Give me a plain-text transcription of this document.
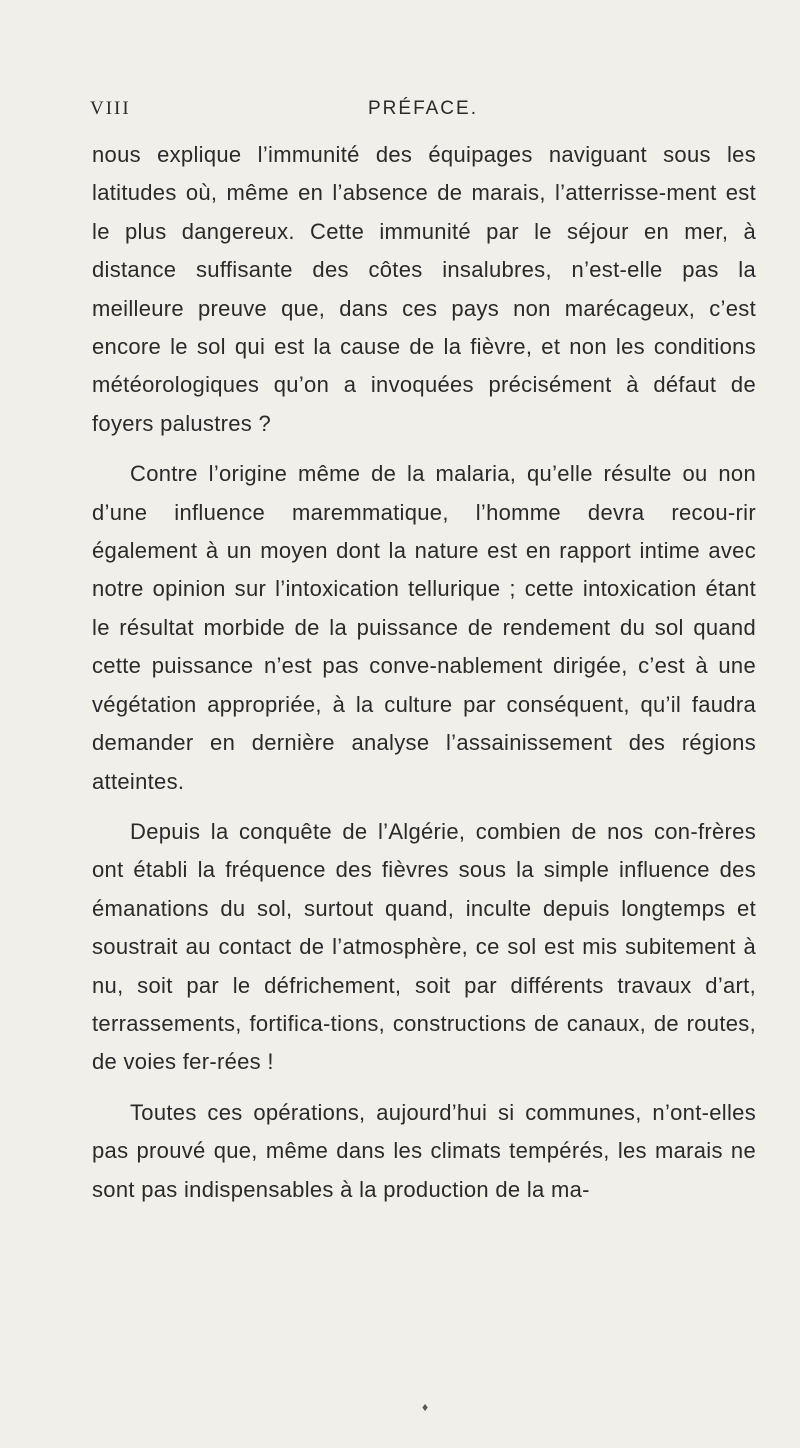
VIII	PRÉFACE.

nous explique l’immunité des équipages naviguant sous les latitudes où, même en l’absence de marais, l’atterrisse-ment est le plus dangereux. Cette immunité par le séjour en mer, à distance suffisante des côtes insalubres, n’est-elle pas la meilleure preuve que, dans ces pays non marécageux, c’est encore le sol qui est la cause de la fièvre, et non les conditions météorologiques qu’on a invoquées précisément à défaut de foyers palustres ?

Contre l’origine même de la malaria, qu’elle résulte ou non d’une influence maremmatique, l’homme devra recou-rir également à un moyen dont la nature est en rapport intime avec notre opinion sur l’intoxication tellurique ; cette intoxication étant le résultat morbide de la puissance de rendement du sol quand cette puissance n’est pas conve-nablement dirigée, c’est à une végétation appropriée, à la culture par conséquent, qu’il faudra demander en dernière analyse l’assainissement des régions atteintes.

Depuis la conquête de l’Algérie, combien de nos con-frères ont établi la fréquence des fièvres sous la simple influence des émanations du sol, surtout quand, inculte depuis longtemps et soustrait au contact de l’atmosphère, ce sol est mis subitement à nu, soit par le défrichement, soit par différents travaux d’art, terrassements, fortifica-tions, constructions de canaux, de routes, de voies fer-rées !

Toutes ces opérations, aujourd’hui si communes, n’ont-elles pas prouvé que, même dans les climats tempérés, les marais ne sont pas indispensables à la production de la ma-

♦
